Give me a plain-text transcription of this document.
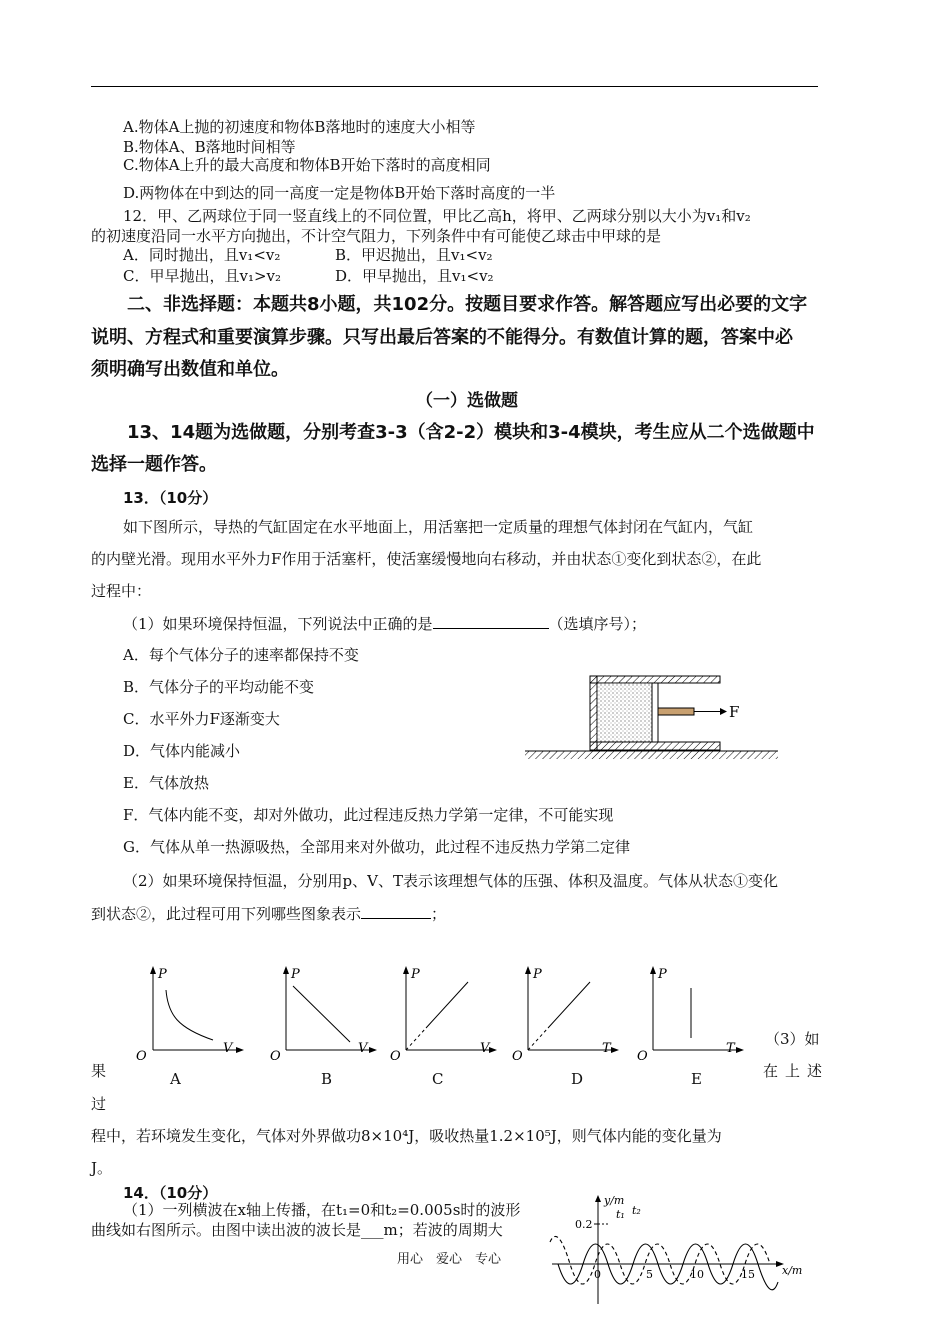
A.物体A上抛的初速度和物体B落地时的速度大小相等
B.物体A、B落地时间相等
C.物体A上升的最大高度和物体B开始下落时的高度相同
D.两物体在中到达的同一高度一定是物体B开始下落时高度的一半
12．甲、乙两球位于同一竖直线上的不同位置，甲比乙高h，将甲、乙两球分别以大小为v₁和v₂
的初速度沿同一水平方向抛出，不计空气阻力，下列条件中有可能使乙球击中甲球的是
A．同时抛出，且v₁<v₂	B．甲迟抛出，且v₁<v₂
C．甲早抛出，且v₁>v₂	D．甲早抛出，且v₁<v₂
二、非选择题：本题共8小题，共102分。按题目要求作答。解答题应写出必要的文字
说明、方程式和重要演算步骤。只写出最后答案的不能得分。有数值计算的题，答案中必
须明确写出数值和单位。
（一）选做题
13、14题为选做题，分别考查3-3（含2-2）模块和3-4模块，考生应从二个选做题中
选择一题作答。
13．（10分）
如下图所示，导热的气缸固定在水平地面上，用活塞把一定质量的理想气体封闭在气缸内，气缸
的内壁光滑。现用水平外力F作用于活塞杆，使活塞缓慢地向右移动，并由状态①变化到状态②，在此
过程中：
（1）如果环境保持恒温，下列说法中正确的是	（选填序号）；
A．每个气体分子的速率都保持不变
B．气体分子的平均动能不变
C．水平外力F逐渐变大
D．气体内能减小
E．气体放热
F．气体内能不变，却对外做功，此过程违反热力学第一定律，不可能实现
G．气体从单一热源吸热，全部用来对外做功，此过程不违反热力学第二定律
F
（2）如果环境保持恒温，分别用p、V、T表示该理想气体的压强、体积及温度。气体从状态①变化
到状态②，此过程可用下列哪些图象表示	；
P
V
O
P
V
O
P
V
O
P
T
O
P
T
O
A	B	C	D	E
（3）如
在上述
果
过
程中，若环境发生变化，气体对外界做功8×10⁴J，吸收热量1.2×10⁵J，则气体内能的变化量为
J。
14．（10分）
（1）一列横波在x轴上传播，在t₁=0和t₂=0.005s时的波形
曲线如右图所示。由图中读出波的波长是___m；若波的周期大
用心　爱心　专心
0.2
y/m
x/m
0	5	10	15
t₁ t₂
